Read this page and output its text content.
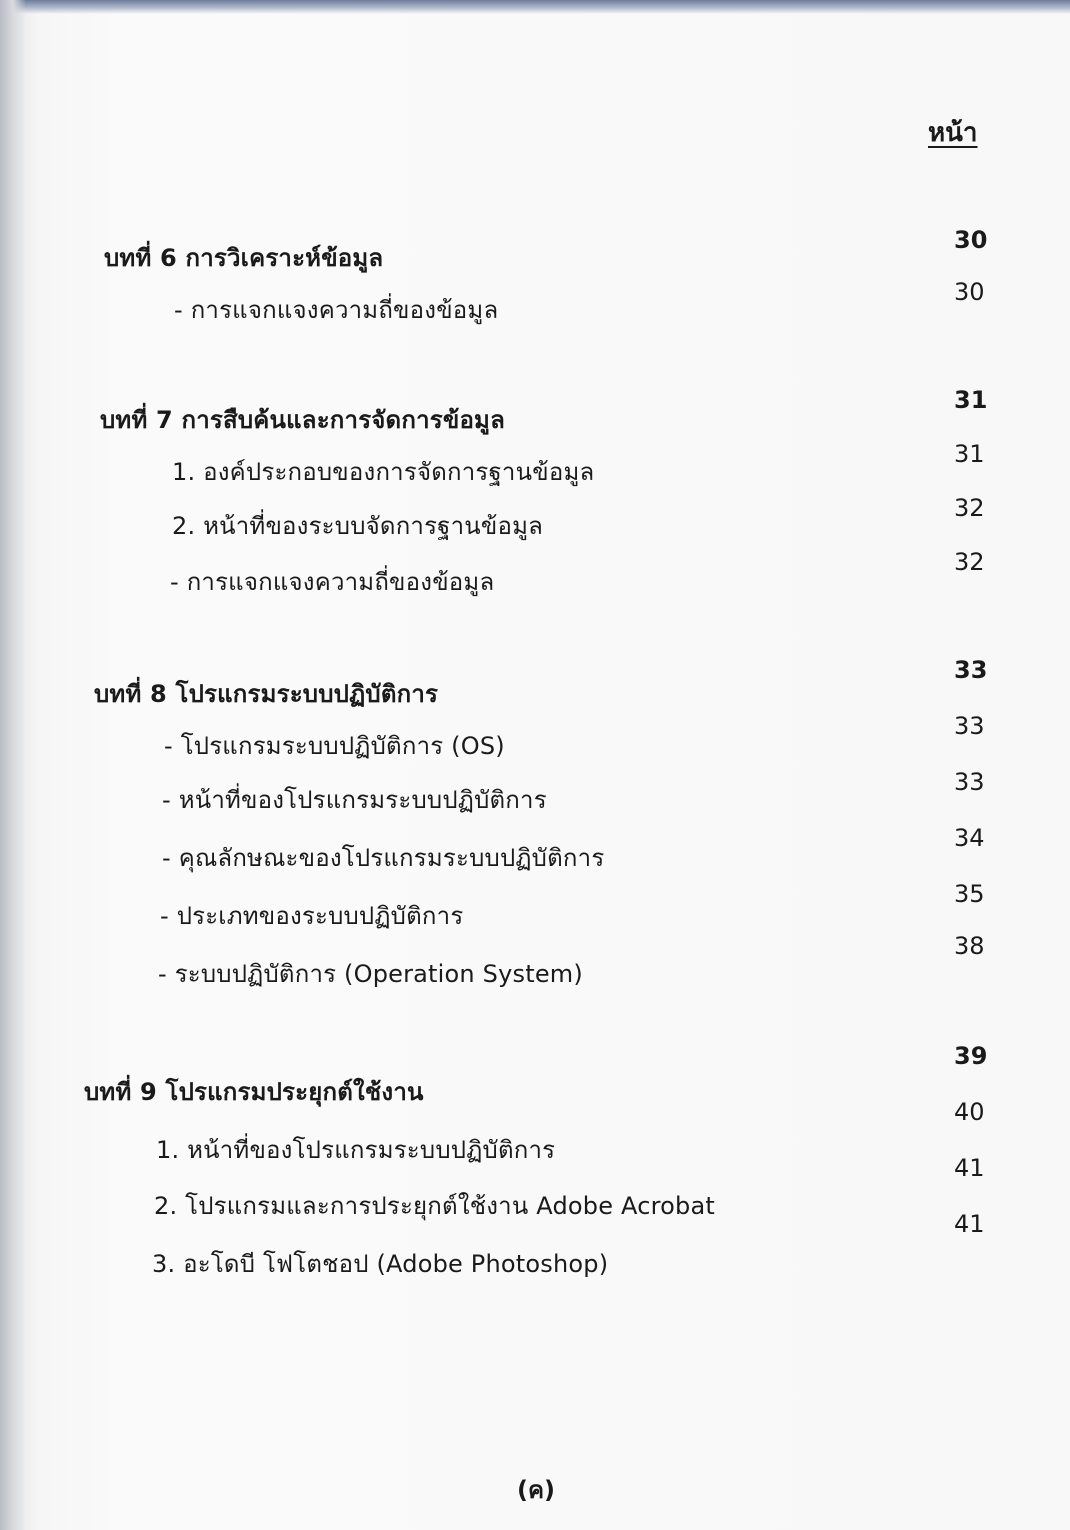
หน้า
บทที่ 6 การวิเคราะห์ข้อมูล
30
- การแจกแจงความถี่ของข้อมูล
30
บทที่ 7 การสืบค้นและการจัดการข้อมูล
31
1. องค์ประกอบของการจัดการฐานข้อมูล
31
2. หน้าที่ของระบบจัดการฐานข้อมูล
32
- การแจกแจงความถี่ของข้อมูล
32
บทที่ 8 โปรแกรมระบบปฏิบัติการ
33
- โปรแกรมระบบปฏิบัติการ (OS)
33
- หน้าที่ของโปรแกรมระบบปฏิบัติการ
33
- คุณลักษณะของโปรแกรมระบบปฏิบัติการ
34
- ประเภทของระบบปฏิบัติการ
35
- ระบบปฏิบัติการ (Operation System)
38
บทที่ 9 โปรแกรมประยุกต์ใช้งาน
39
1. หน้าที่ของโปรแกรมระบบปฏิบัติการ
40
2. โปรแกรมและการประยุกต์ใช้งาน Adobe Acrobat
41
3. อะโดบี โฟโตชอป (Adobe Photoshop)
41
(ค)
